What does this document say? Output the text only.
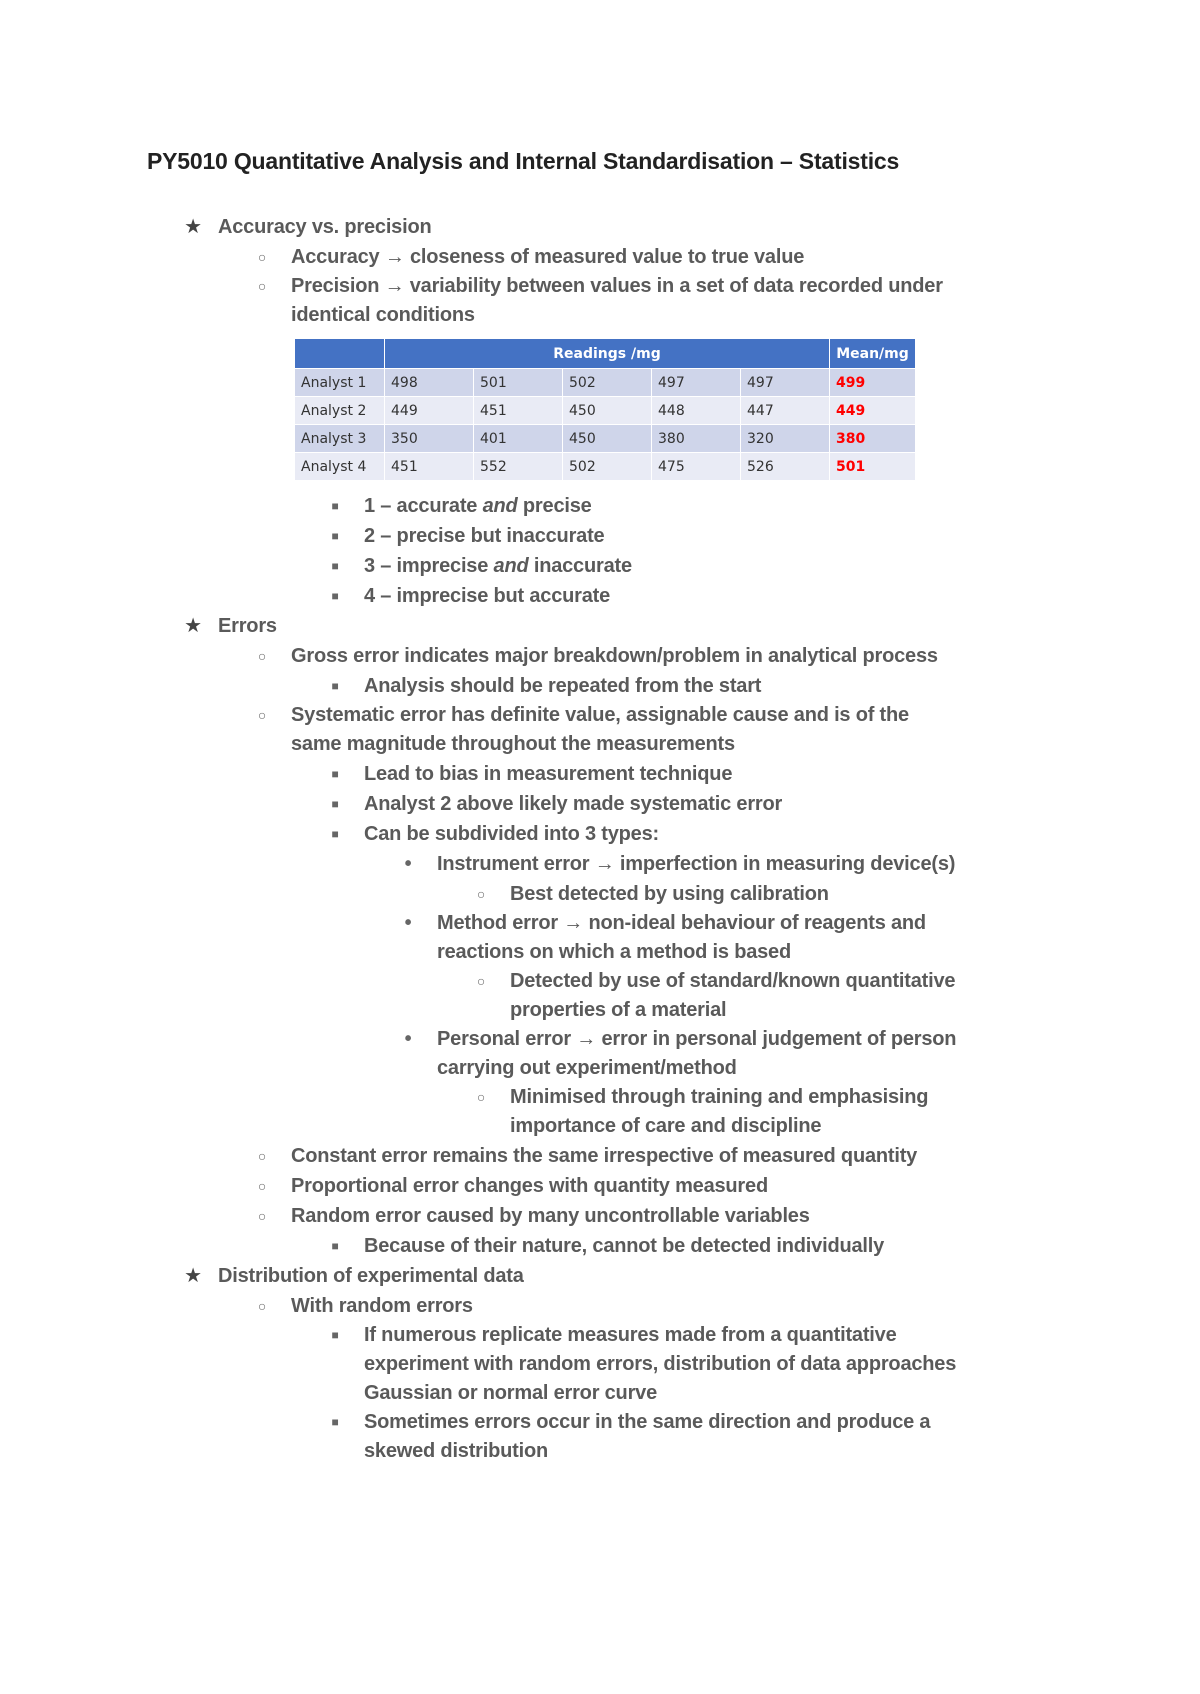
PY5010 Quantitative Analysis and Internal Standardisation – Statistics
★ Accuracy vs. precision
○	Accuracy → closeness of measured value to true value
○	Precision → variability between values in a set of data recorded under
identical conditions
	Readings /mg					Mean/mg
Analyst 1	498	501	502	497	497	499
Analyst 2	449	451	450	448	447	449
Analyst 3	350	401	450	380	320	380
Analyst 4	451	552	502	475	526	501
■	1 – accurate and precise
■	2 – precise but inaccurate
■	3 – imprecise and inaccurate
■	4 – imprecise but accurate
★ Errors
○	Gross error indicates major breakdown/problem in analytical process
■	Analysis should be repeated from the start
○	Systematic error has definite value, assignable cause and is of the
same magnitude throughout the measurements
■	Lead to bias in measurement technique
■	Analyst 2 above likely made systematic error
■	Can be subdivided into 3 types:
•	Instrument error → imperfection in measuring device(s)
○	Best detected by using calibration
•	Method error → non-ideal behaviour of reagents and
reactions on which a method is based
○	Detected by use of standard/known quantitative
properties of a material
•	Personal error → error in personal judgement of person
carrying out experiment/method
○	Minimised through training and emphasising
importance of care and discipline
○	Constant error remains the same irrespective of measured quantity
○	Proportional error changes with quantity measured
○	Random error caused by many uncontrollable variables
■	Because of their nature, cannot be detected individually
★ Distribution of experimental data
○	With random errors
■	If numerous replicate measures made from a quantitative
experiment with random errors, distribution of data approaches
Gaussian or normal error curve
■	Sometimes errors occur in the same direction and produce a
skewed distribution
